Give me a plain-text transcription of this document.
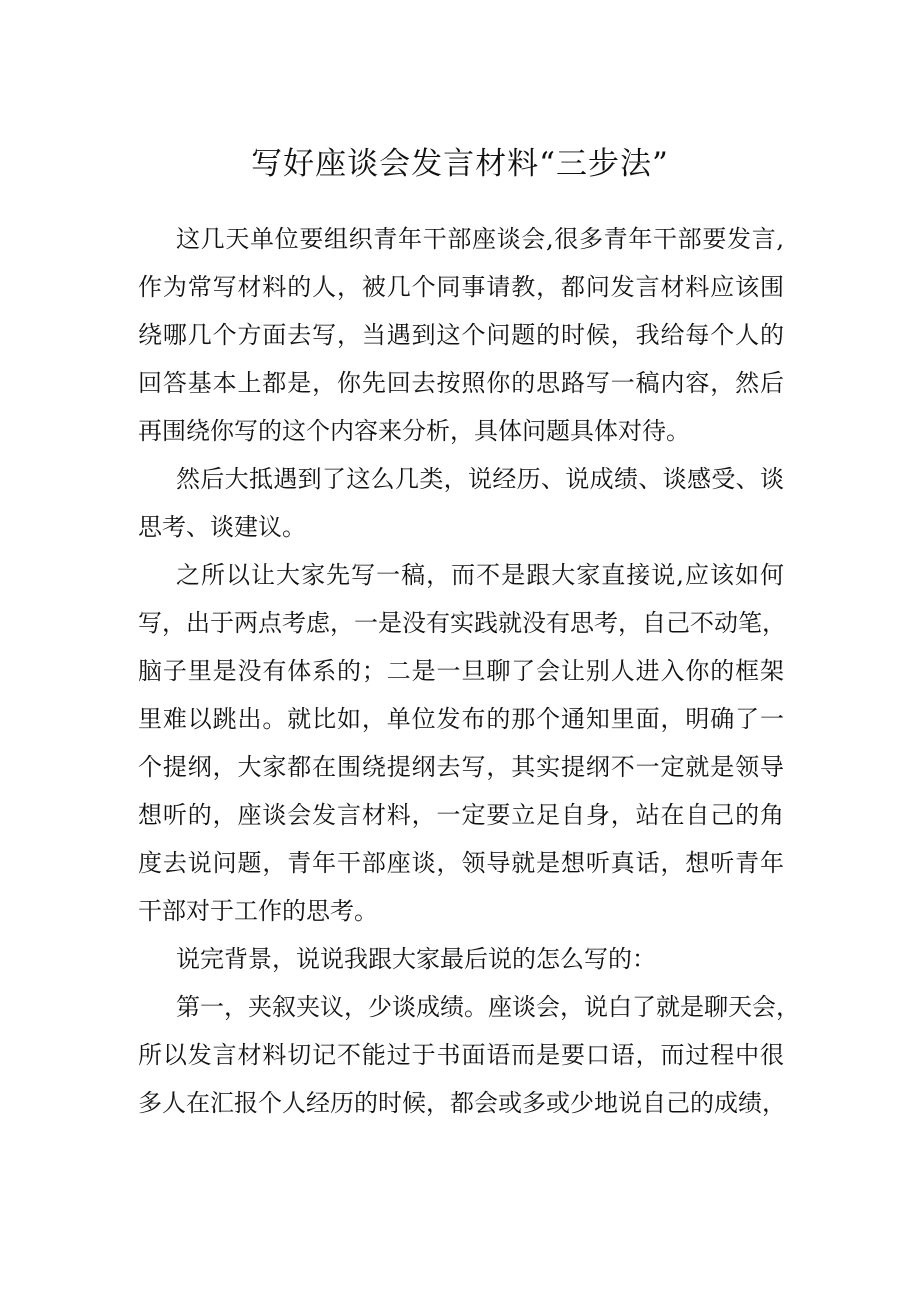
写好座谈会发言材料“三步法”
这几天单位要组织青年干部座谈会,很多青年干部要发言,
作为常写材料的人，被几个同事请教，都问发言材料应该围
绕哪几个方面去写，当遇到这个问题的时候，我给每个人的
回答基本上都是，你先回去按照你的思路写一稿内容，然后
再围绕你写的这个内容来分析，具体问题具体对待。
然后大抵遇到了这么几类，说经历、说成绩、谈感受、谈
思考、谈建议。
之所以让大家先写一稿，而不是跟大家直接说,应该如何
写，出于两点考虑，一是没有实践就没有思考，自己不动笔，
脑子里是没有体系的；二是一旦聊了会让别人进入你的框架
里难以跳出。就比如，单位发布的那个通知里面，明确了一
个提纲，大家都在围绕提纲去写，其实提纲不一定就是领导
想听的，座谈会发言材料，一定要立足自身，站在自己的角
度去说问题，青年干部座谈，领导就是想听真话，想听青年
干部对于工作的思考。
说完背景，说说我跟大家最后说的怎么写的：
第一，夹叙夹议，少谈成绩。座谈会，说白了就是聊天会，
所以发言材料切记不能过于书面语而是要口语，而过程中很
多人在汇报个人经历的时候，都会或多或少地说自己的成绩，
